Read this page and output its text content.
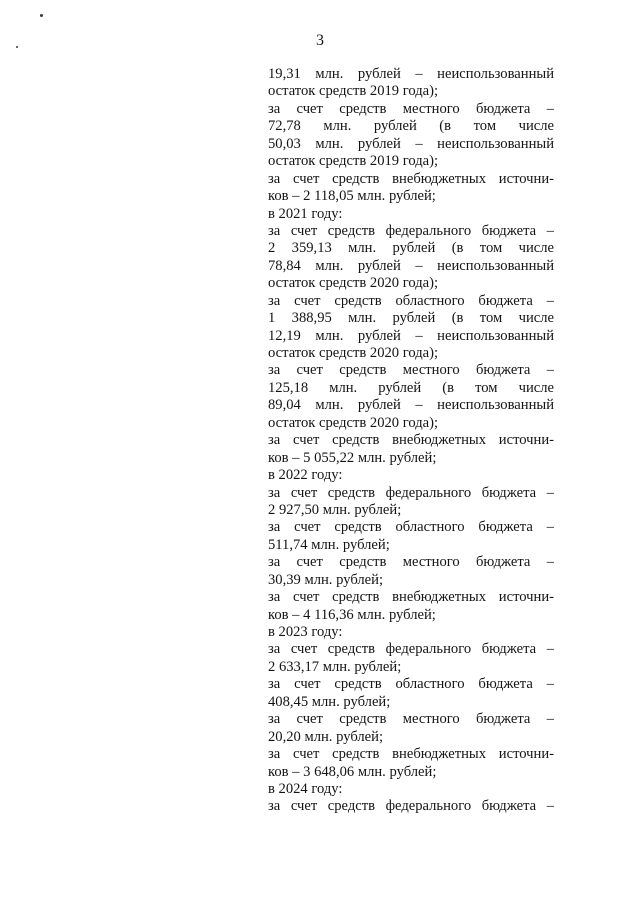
3
19,31 млн. рублей – неиспользованный
остаток средств 2019 года);
за счет средств местного бюджета –
72,78 млн. рублей (в том числе
50,03 млн. рублей – неиспользованный
остаток средств 2019 года);
за счет средств внебюджетных источни-
ков – 2 118,05 млн. рублей;
в 2021 году:
за счет средств федерального бюджета –
2 359,13 млн. рублей (в том числе
78,84 млн. рублей – неиспользованный
остаток средств 2020 года);
за счет средств областного бюджета –
1 388,95 млн. рублей (в том числе
12,19 млн. рублей – неиспользованный
остаток средств 2020 года);
за счет средств местного бюджета –
125,18 млн. рублей (в том числе
89,04 млн. рублей – неиспользованный
остаток средств 2020 года);
за счет средств внебюджетных источни-
ков – 5 055,22 млн. рублей;
в 2022 году:
за счет средств федерального бюджета –
2 927,50 млн. рублей;
за счет средств областного бюджета –
511,74 млн. рублей;
за счет средств местного бюджета –
30,39 млн. рублей;
за счет средств внебюджетных источни-
ков – 4 116,36 млн. рублей;
в 2023 году:
за счет средств федерального бюджета –
2 633,17 млн. рублей;
за счет средств областного бюджета –
408,45 млн. рублей;
за счет средств местного бюджета –
20,20 млн. рублей;
за счет средств внебюджетных источни-
ков – 3 648,06 млн. рублей;
в 2024 году:
за счет средств федерального бюджета –
